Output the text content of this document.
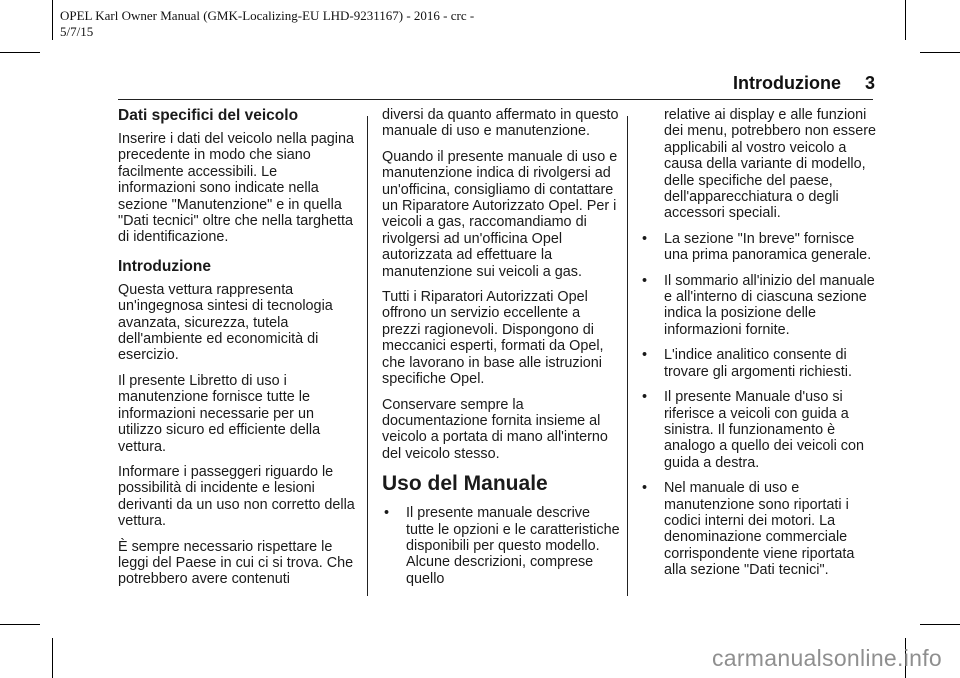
OPEL Karl Owner Manual (GMK-Localizing-EU LHD-9231167) - 2016 - crc -
5/7/15
Introduzione 3
Dati specifici del veicolo

Inserire i dati del veicolo nella pagina precedente in modo che siano facilmente accessibili. Le informazioni sono indicate nella sezione "Manutenzione" e in quella "Dati tecnici" oltre che nella targhetta di identificazione.

Introduzione

Questa vettura rappresenta un'ingegnosa sintesi di tecnologia avanzata, sicurezza, tutela dell'ambiente ed economicità di esercizio.

Il presente Libretto di uso i manutenzione fornisce tutte le informazioni necessarie per un utilizzo sicuro ed efficiente della vettura.

Informare i passeggeri riguardo le possibilità di incidente e lesioni derivanti da un uso non corretto della vettura.

È sempre necessario rispettare le leggi del Paese in cui ci si trova. Che potrebbero avere contenuti

diversi da quanto affermato in questo manuale di uso e manutenzione.

Quando il presente manuale di uso e manutenzione indica di rivolgersi ad un'officina, consigliamo di contattare un Riparatore Autorizzato Opel. Per i veicoli a gas, raccomandiamo di rivolgersi ad un'officina Opel autorizzata ad effettuare la manutenzione sui veicoli a gas.

Tutti i Riparatori Autorizzati Opel offrono un servizio eccellente a prezzi ragionevoli. Dispongono di meccanici esperti, formati da Opel, che lavorano in base alle istruzioni specifiche Opel.

Conservare sempre la documentazione fornita insieme al veicolo a portata di mano all'interno del veicolo stesso.

Uso del Manuale
• Il presente manuale descrive tutte le opzioni e le caratteristiche disponibili per questo modello. Alcune descrizioni, comprese quello

relative ai display e alle funzioni dei menu, potrebbero non essere applicabili al vostro veicolo a causa della variante di modello, delle specifiche del paese, dell'apparecchiatura o degli accessori speciali.

• La sezione "In breve" fornisce una prima panoramica generale.
• Il sommario all'inizio del manuale e all'interno di ciascuna sezione indica la posizione delle informazioni fornite.
• L'indice analitico consente di trovare gli argomenti richiesti.
• Il presente Manuale d'uso si riferisce a veicoli con guida a sinistra. Il funzionamento è analogo a quello dei veicoli con guida a destra.
• Nel manuale di uso e manutenzione sono riportati i codici interni dei motori. La denominazione commerciale corrispondente viene riportata alla sezione "Dati tecnici".
carmanualsonline.info
